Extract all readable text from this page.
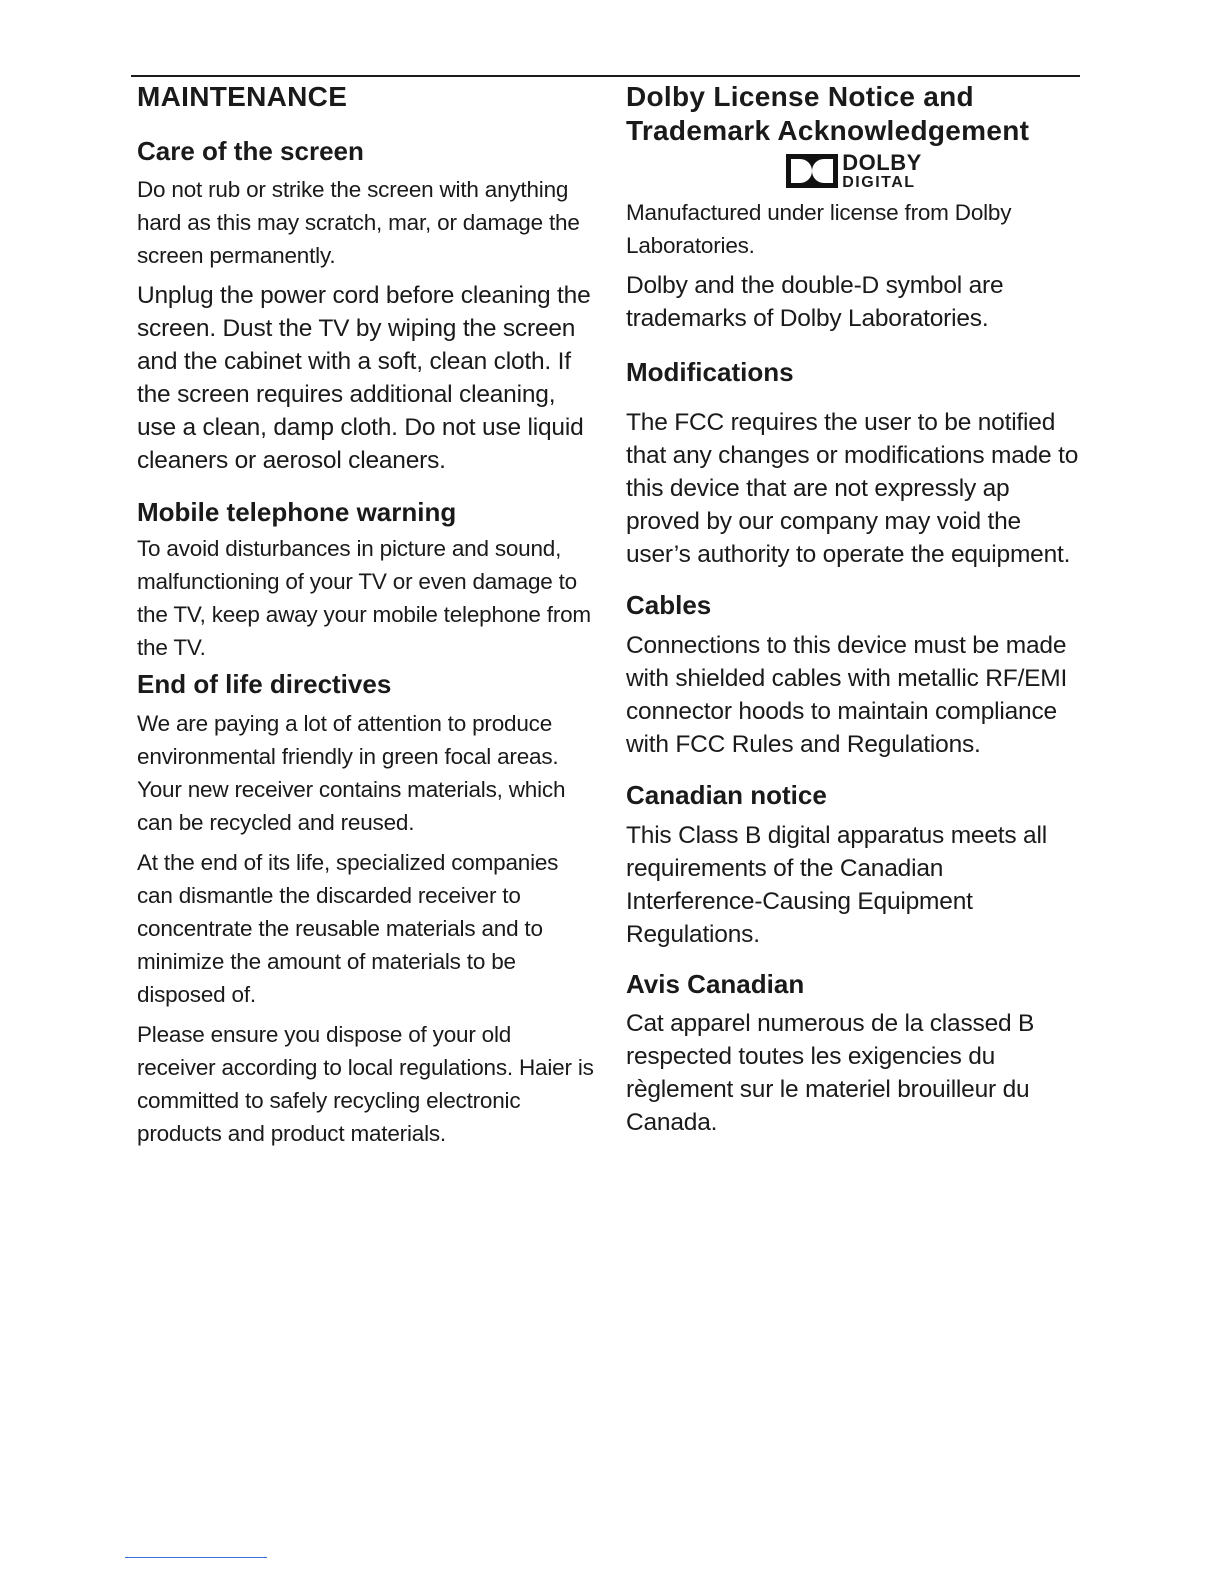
MAINTENANCE
Care of the screen

Do not rub or strike the screen with anything hard as this may scratch, mar, or damage the screen permanently.

Unplug the power cord before cleaning the screen. Dust the TV by wiping the screen and the cabinet with a soft, clean cloth. If the screen requires additional cleaning, use a clean, damp cloth. Do not use liquid cleaners or aerosol cleaners.

Mobile telephone warning

To avoid disturbances in picture and sound, malfunctioning of your TV or even damage to the TV, keep away your mobile telephone from the TV.

End of life directives

We are paying a lot of attention to produce environmental friendly in green focal areas. Your new receiver contains materials, which can be recycled and reused.

At the end of its life, specialized companies can dismantle the discarded receiver to concentrate the reusable materials and to minimize the amount of materials to be disposed of.

Please ensure you dispose of your old receiver according to local regulations. Haier is committed to safely recycling electronic products and product materials.

Dolby License Notice and Trademark Acknowledgement
DOLBY
DIGITAL

Manufactured under license from Dolby Laboratories.

Dolby and the double-D symbol are trademarks of Dolby Laboratories.

Modifications

The FCC requires the user to be notified that any changes or modifications made to this device that are not expressly ap proved by our company may void the user’s authority to operate the equipment.

Cables

Connections to this device must be made with shielded cables with metallic RF/EMI connector hoods to maintain compliance with FCC Rules and Regulations.

Canadian notice

This Class B digital apparatus meets all requirements of the Canadian Interference-Causing Equipment Regulations.

Avis Canadian

Cat apparel numerous de la classed B respected toutes les exigencies du règlement sur le materiel brouilleur du Canada.
